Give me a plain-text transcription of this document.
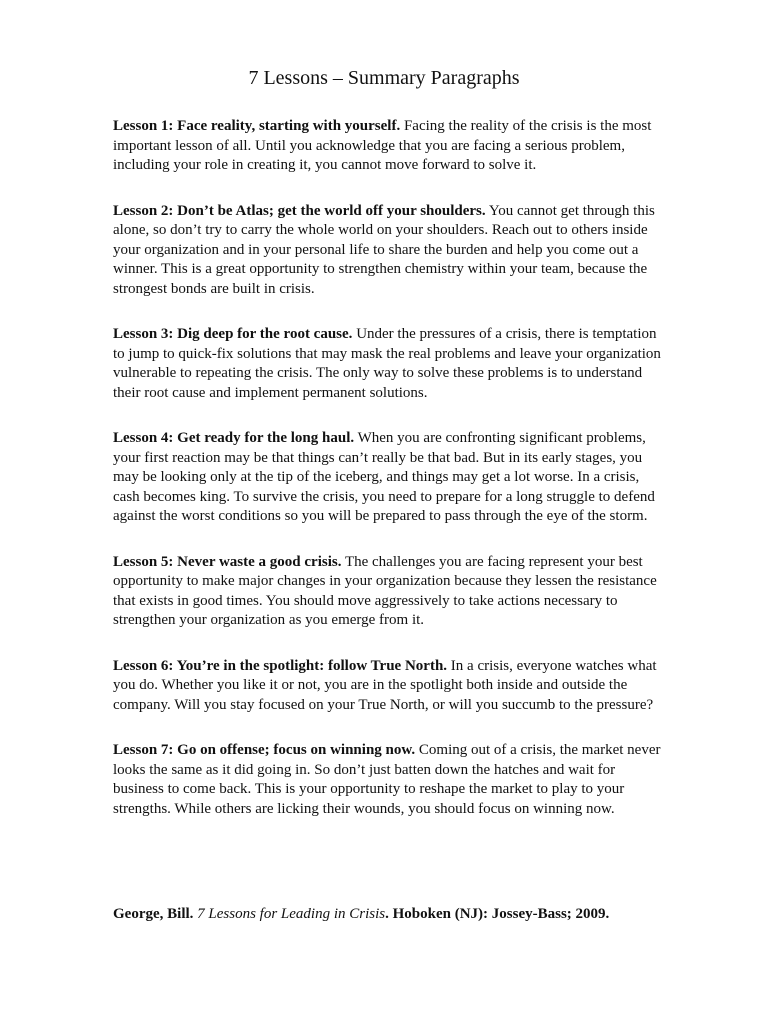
7 Lessons – Summary Paragraphs

Lesson 1: Face reality, starting with yourself. Facing the reality of the crisis is the most important lesson of all. Until you acknowledge that you are facing a serious problem, including your role in creating it, you cannot move forward to solve it.

Lesson 2: Don’t be Atlas; get the world off your shoulders. You cannot get through this alone, so don’t try to carry the whole world on your shoulders. Reach out to others inside your organization and in your personal life to share the burden and help you come out a winner. This is a great opportunity to strengthen chemistry within your team, because the strongest bonds are built in crisis.

Lesson 3: Dig deep for the root cause. Under the pressures of a crisis, there is temptation to jump to quick-fix solutions that may mask the real problems and leave your organization vulnerable to repeating the crisis. The only way to solve these problems is to understand their root cause and implement permanent solutions.

Lesson 4: Get ready for the long haul. When you are confronting significant problems, your first reaction may be that things can’t really be that bad. But in its early stages, you may be looking only at the tip of the iceberg, and things may get a lot worse. In a crisis, cash becomes king. To survive the crisis, you need to prepare for a long struggle to defend against the worst conditions so you will be prepared to pass through the eye of the storm.

Lesson 5: Never waste a good crisis. The challenges you are facing represent your best opportunity to make major changes in your organization because they lessen the resistance that exists in good times. You should move aggressively to take actions necessary to strengthen your organization as you emerge from it.

Lesson 6: You’re in the spotlight: follow True North. In a crisis, everyone watches what you do. Whether you like it or not, you are in the spotlight both inside and outside the company. Will you stay focused on your True North, or will you succumb to the pressure?

Lesson 7: Go on offense; focus on winning now. Coming out of a crisis, the market never looks the same as it did going in. So don’t just batten down the hatches and wait for business to come back. This is your opportunity to reshape the market to play to your strengths. While others are licking their wounds, you should focus on winning now.

George, Bill. 7 Lessons for Leading in Crisis. Hoboken (NJ): Jossey-Bass; 2009.
